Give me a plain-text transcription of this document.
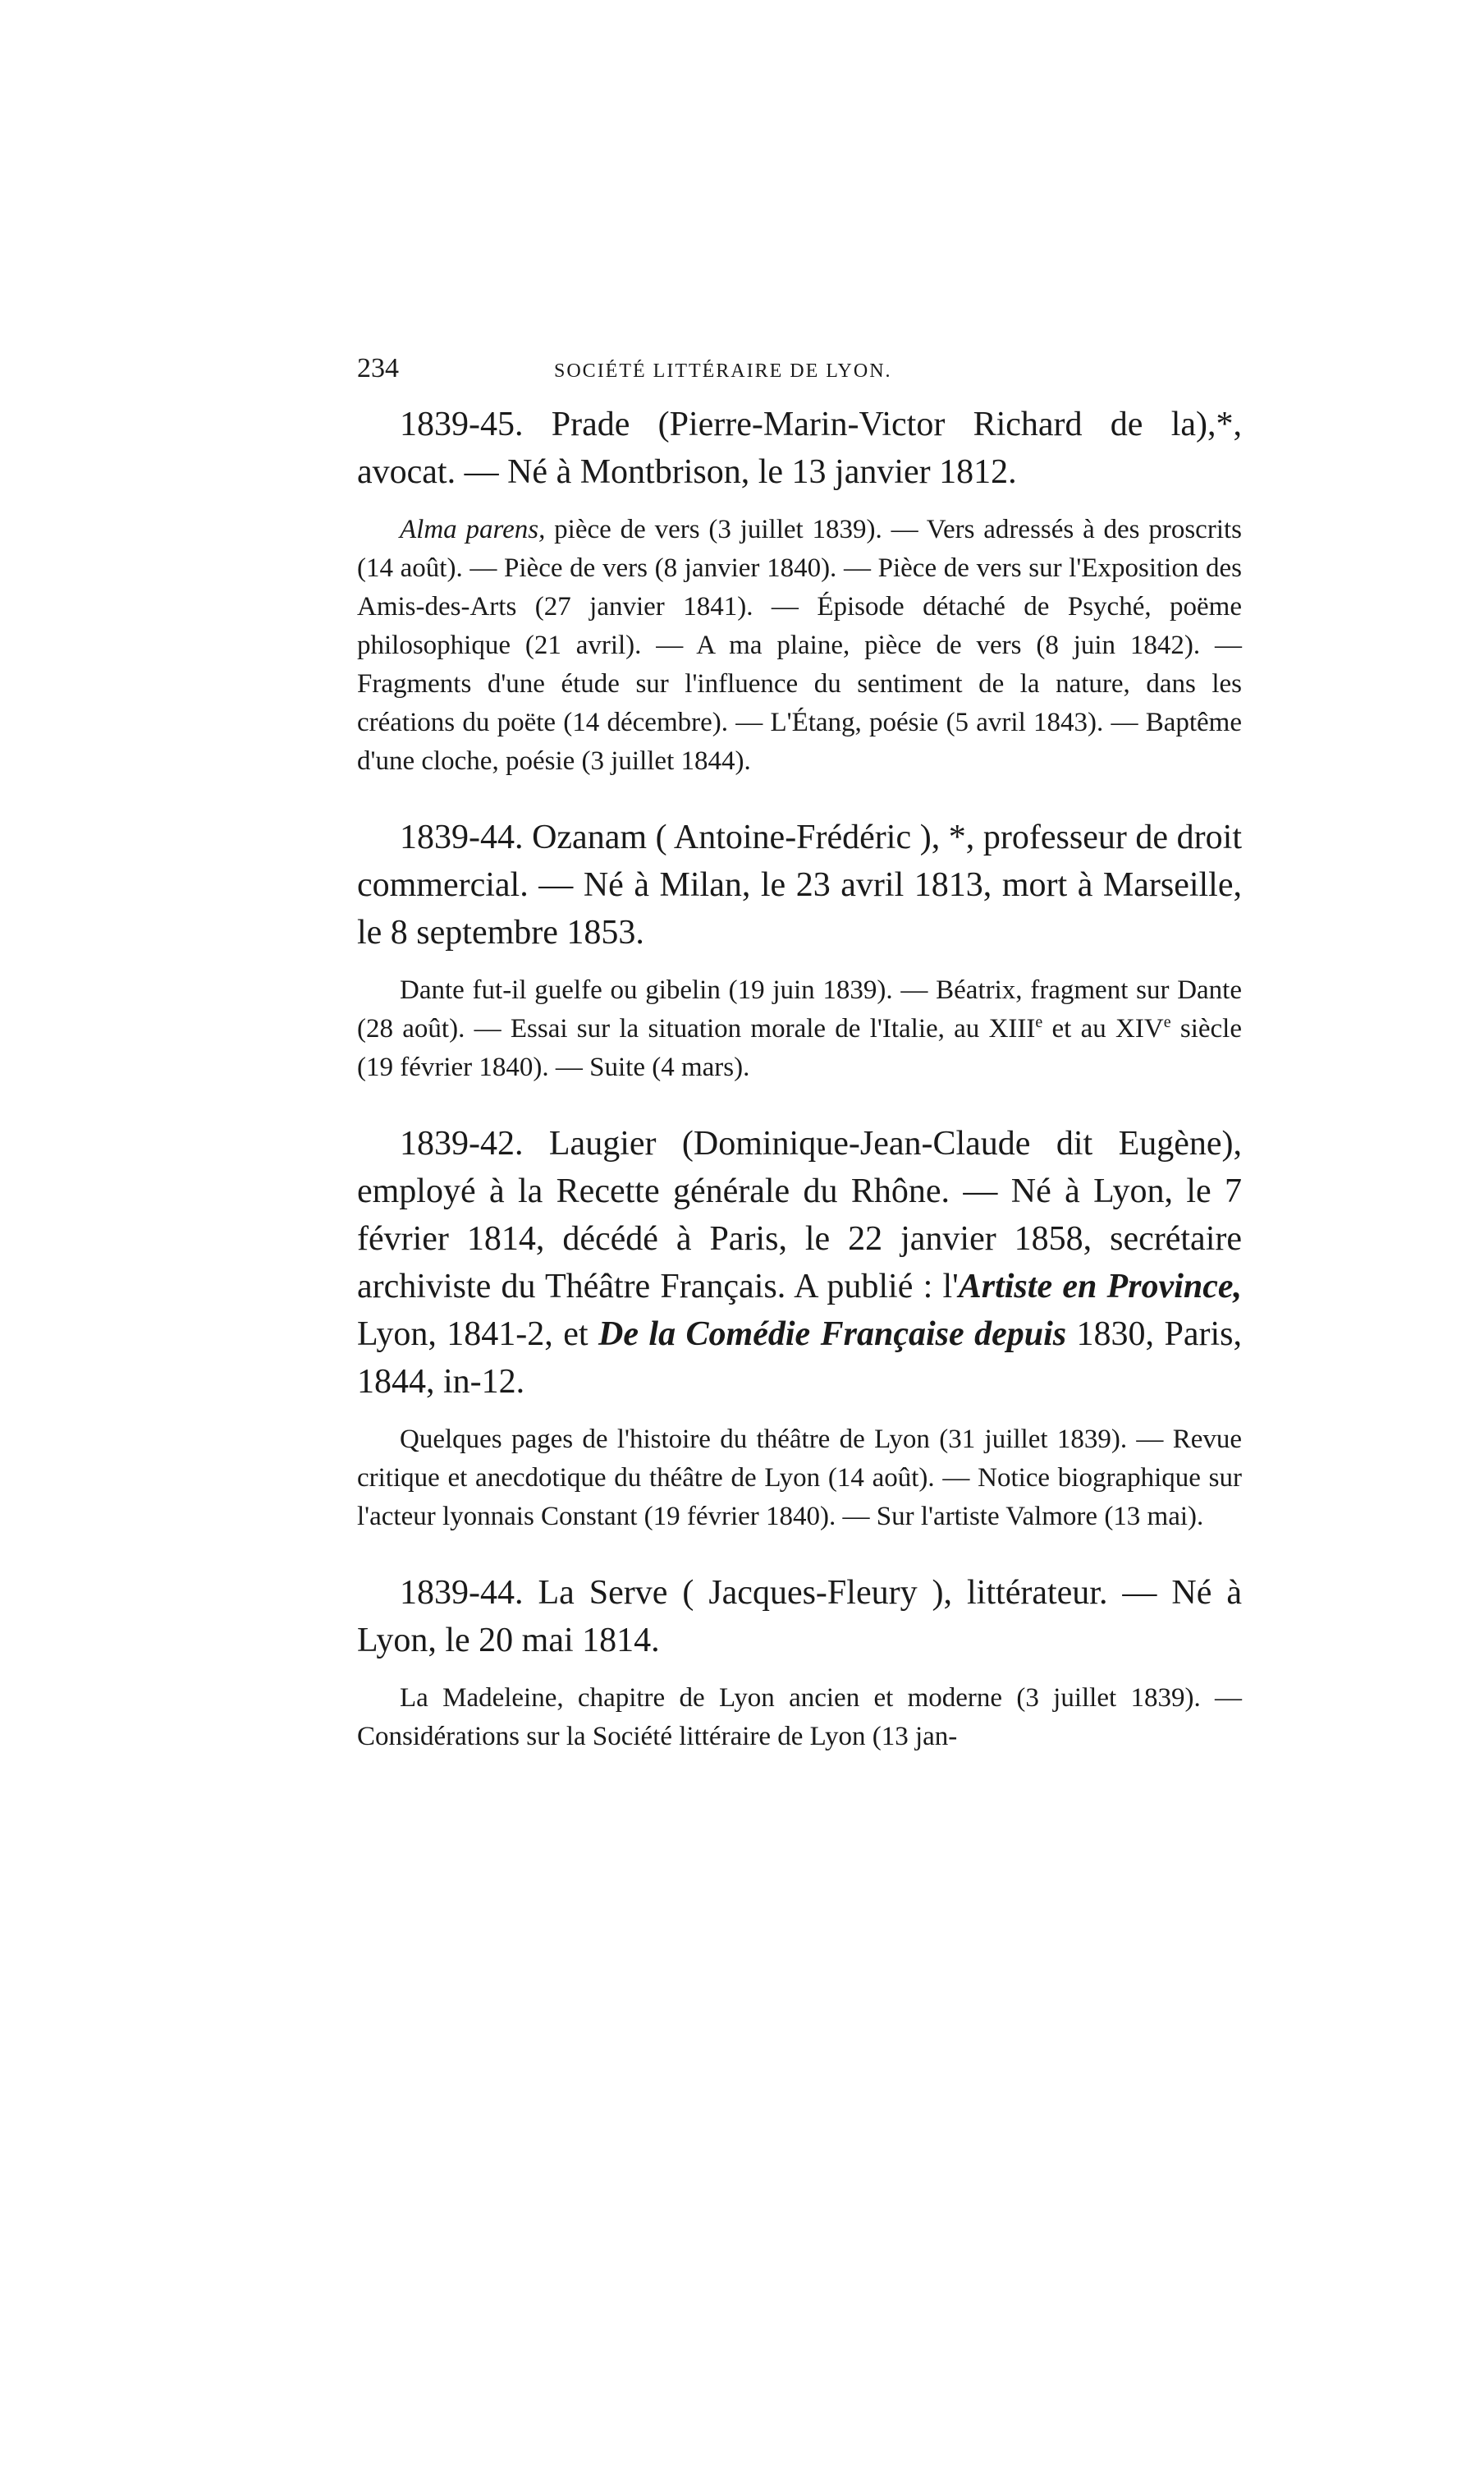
234	SOCIÉTÉ LITTÉRAIRE DE LYON.

1839-45. Prade (Pierre-Marin-Victor Richard de la),*, avocat. — Né à Montbrison, le 13 janvier 1812.

Alma parens, pièce de vers (3 juillet 1839). — Vers adressés à des proscrits (14 août). — Pièce de vers (8 janvier 1840). — Pièce de vers sur l'Exposition des Amis-des-Arts (27 janvier 1841). — Épisode détaché de Psyché, poëme philosophique (21 avril). — A ma plaine, pièce de vers (8 juin 1842). — Fragments d'une étude sur l'influence du sentiment de la nature, dans les créations du poëte (14 décembre). — L'Étang, poésie (5 avril 1843). — Baptême d'une cloche, poésie (3 juillet 1844).

1839-44. Ozanam ( Antoine-Frédéric ), *, professeur de droit commercial. — Né à Milan, le 23 avril 1813, mort à Marseille, le 8 septembre 1853.

Dante fut-il guelfe ou gibelin (19 juin 1839). — Béatrix, fragment sur Dante (28 août). — Essai sur la situation morale de l'Italie, au XIIIe et au XIVe siècle (19 février 1840). — Suite (4 mars).

1839-42. Laugier (Dominique-Jean-Claude dit Eugène), employé à la Recette générale du Rhône. — Né à Lyon, le 7 février 1814, décédé à Paris, le 22 janvier 1858, secrétaire archiviste du Théâtre Français. A publié : l'Artiste en Province, Lyon, 1841-2, et De la Comédie Française depuis 1830, Paris, 1844, in-12.

Quelques pages de l'histoire du théâtre de Lyon (31 juillet 1839). — Revue critique et anecdotique du théâtre de Lyon (14 août). — Notice biographique sur l'acteur lyonnais Constant (19 février 1840). — Sur l'artiste Valmore (13 mai).

1839-44. La Serve ( Jacques-Fleury ), littérateur. — Né à Lyon, le 20 mai 1814.

La Madeleine, chapitre de Lyon ancien et moderne (3 juillet 1839). — Considérations sur la Société littéraire de Lyon (13 jan-
